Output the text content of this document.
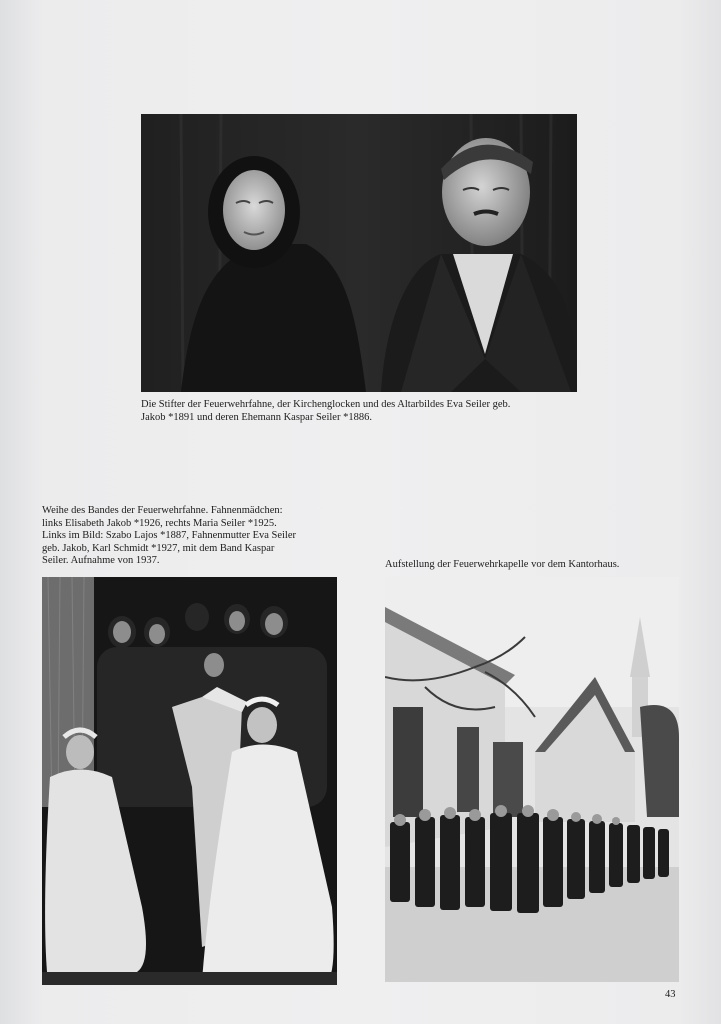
Die Stifter der Feuerwehrfahne, der Kirchenglocken und des Altarbildes Eva Seiler geb.
Jakob *1891 und deren Ehemann Kaspar Seiler *1886.
Weihe des Bandes der Feuerwehrfahne. Fahnenmädchen:
links Elisabeth Jakob *1926, rechts Maria Seiler *1925.
Links im Bild: Szabo Lajos *1887, Fahnenmutter Eva Seiler
geb. Jakob, Karl Schmidt *1927, mit dem Band Kaspar
Seiler. Aufnahme von 1937.	Aufstellung der Feuerwehrkapelle vor dem Kantorhaus.
43
